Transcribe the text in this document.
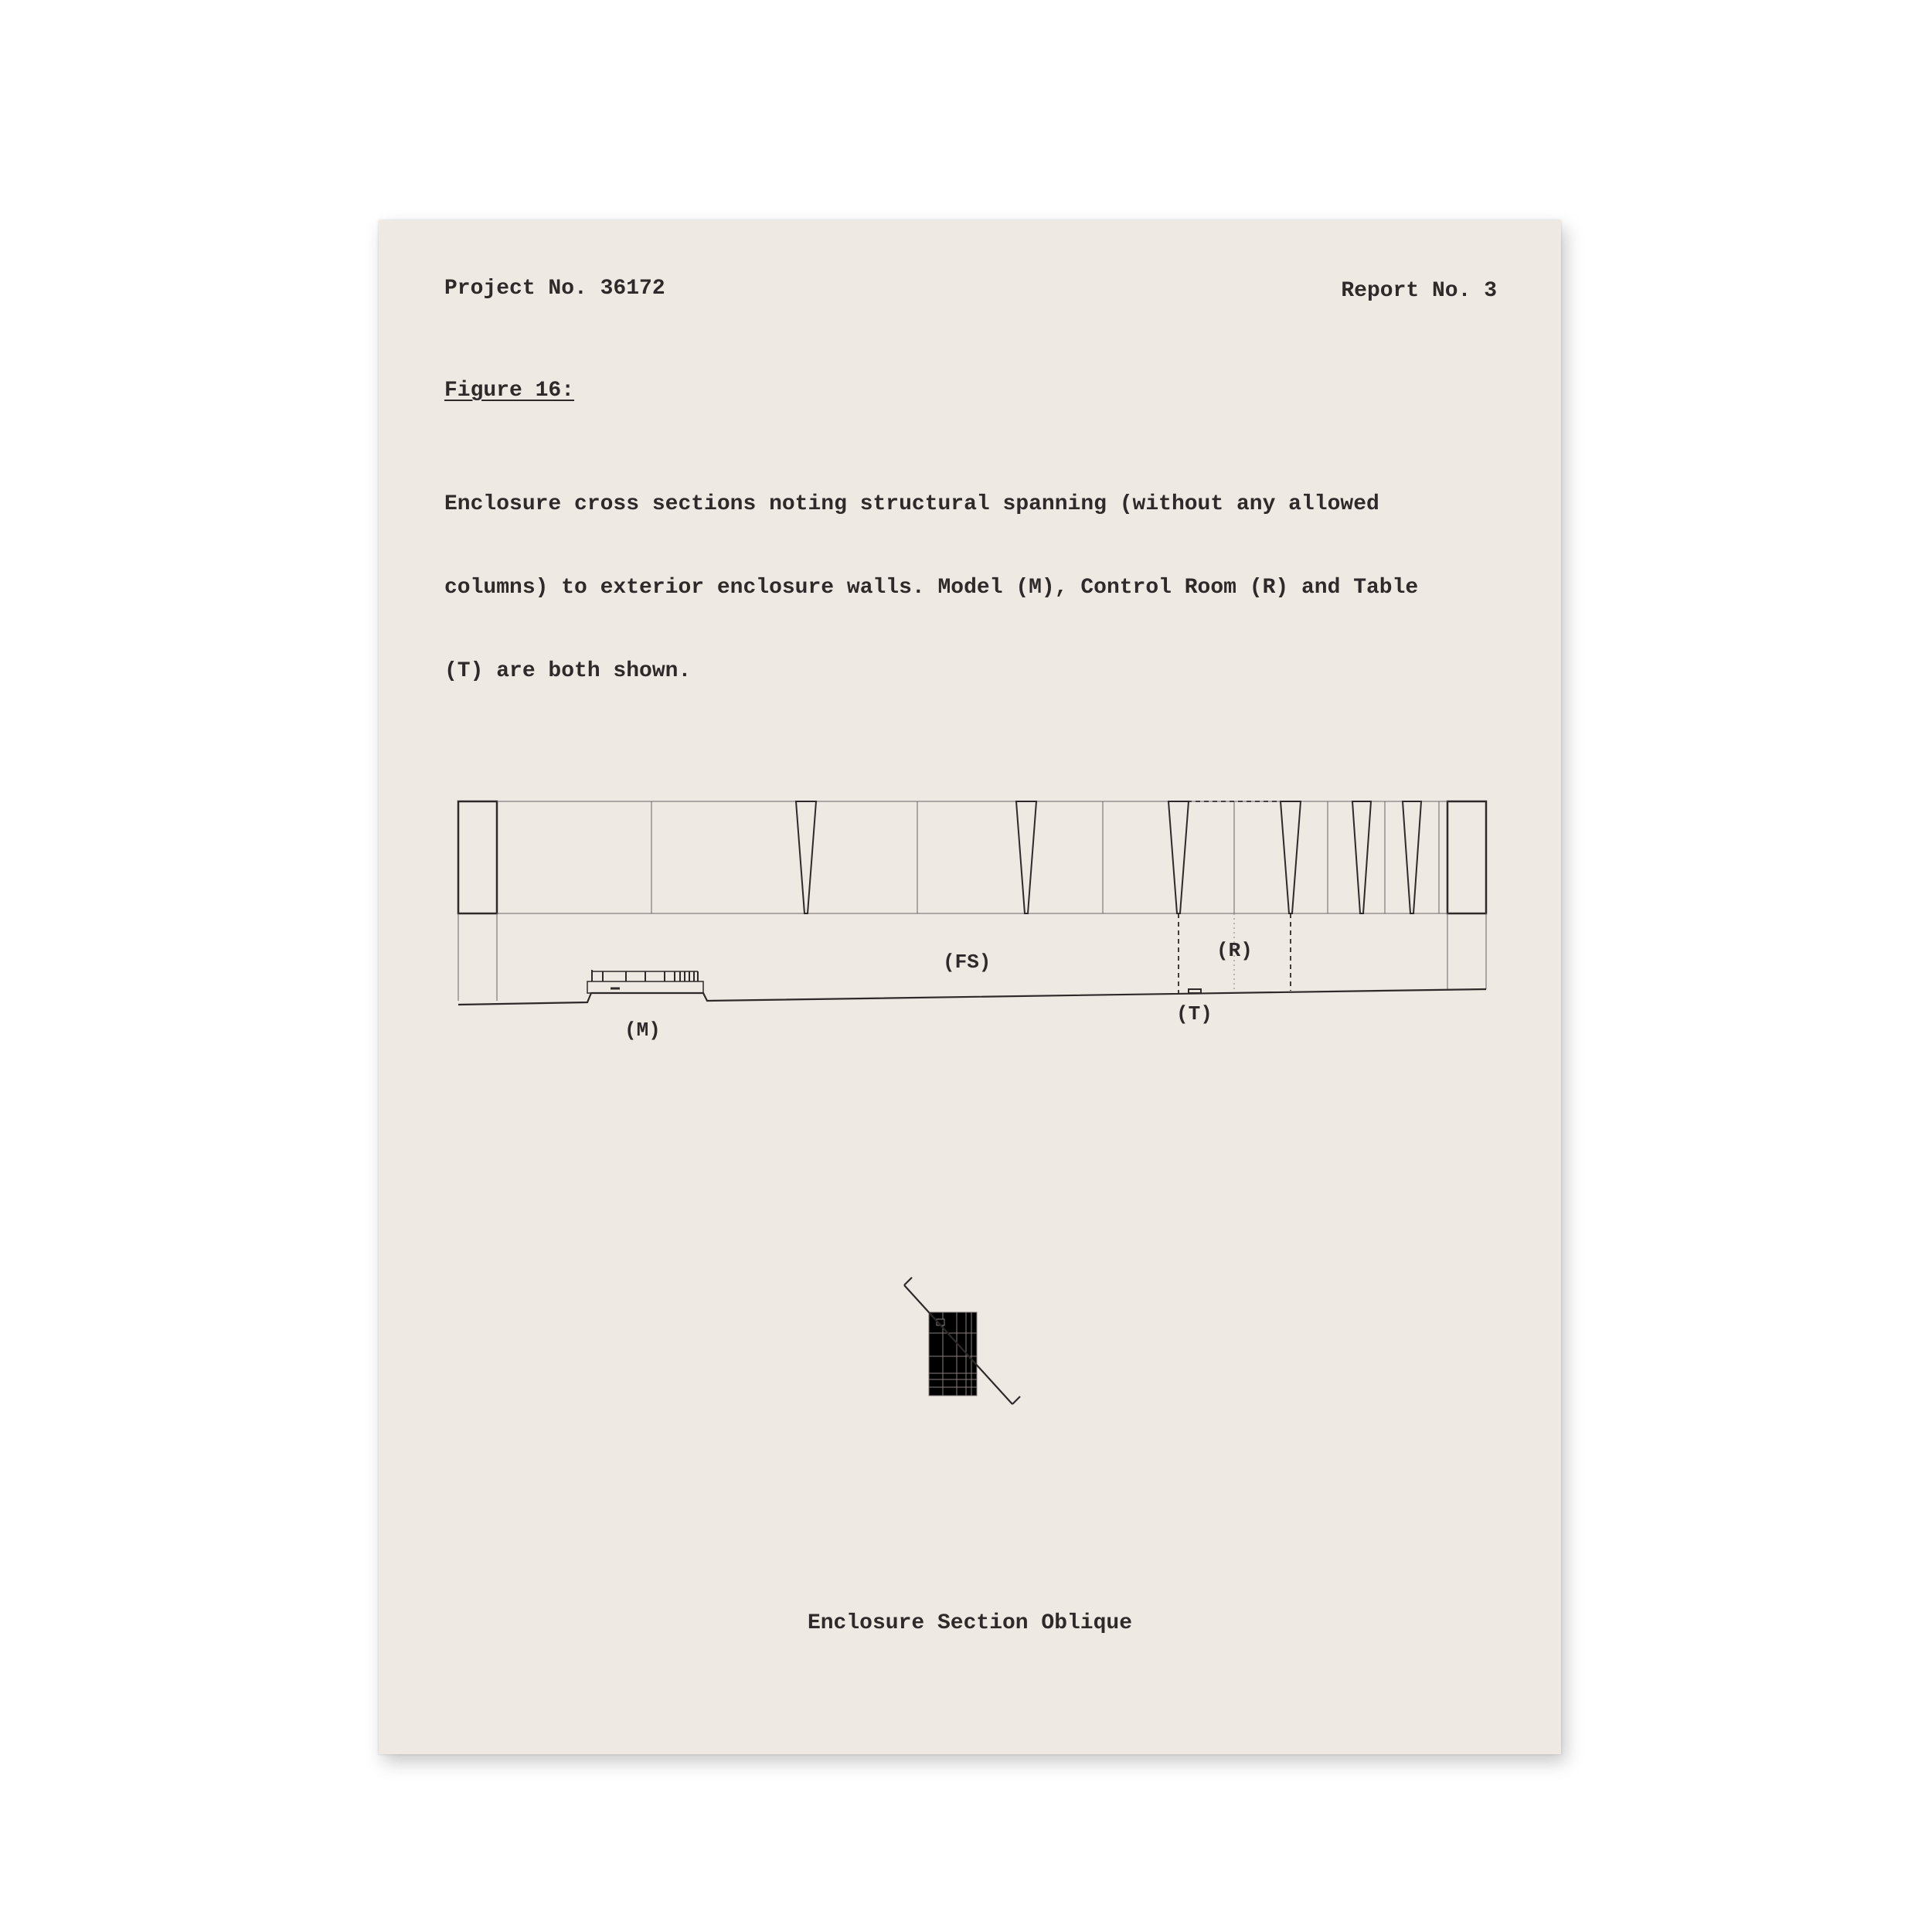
Project No. 36172	Report No. 3
Figure 16:

Enclosure cross sections noting structural spanning (without any allowed

columns) to exterior enclosure walls. Model (M), Control Room (R) and Table

(T) are both shown.

(FS)	(R)
(M)
(T)
Enclosure Section Oblique
